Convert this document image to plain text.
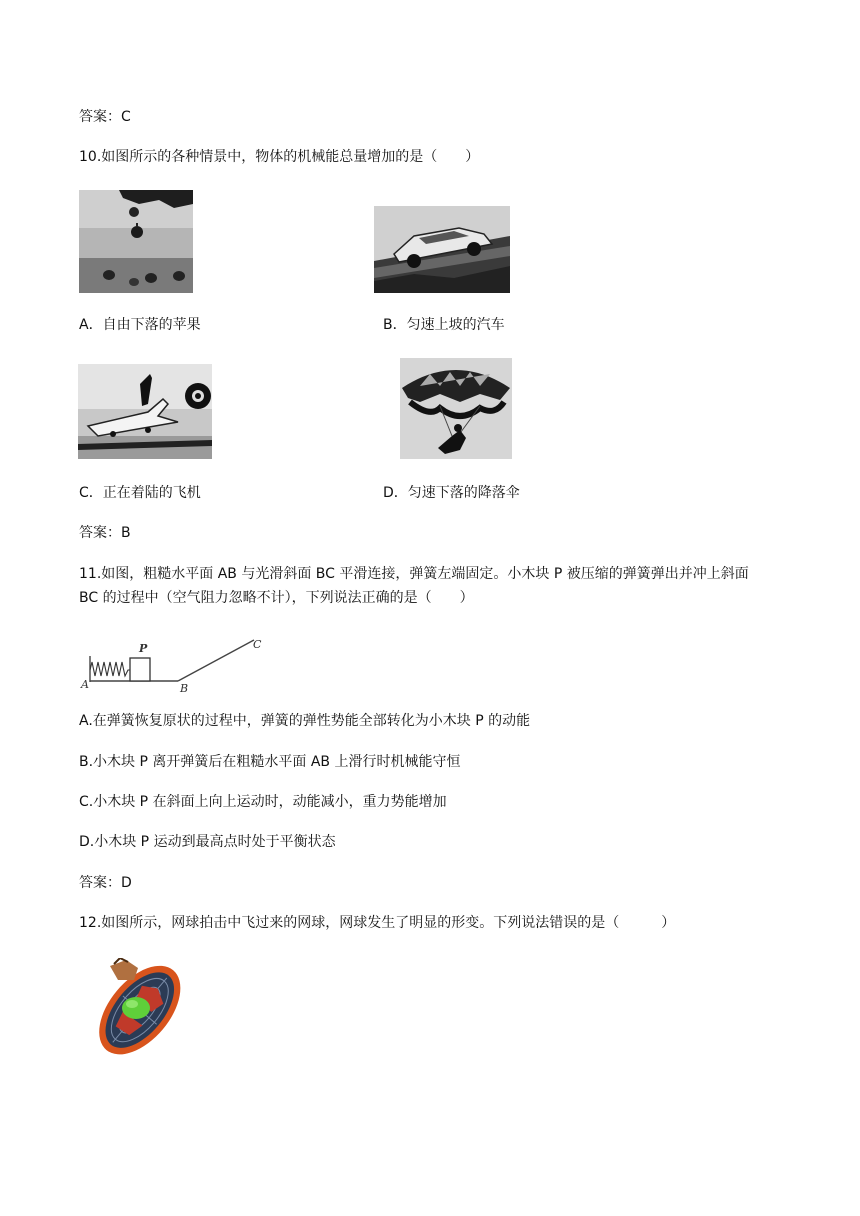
答案：C
10.如图所示的各种情景中，物体的机械能总量增加的是（　　）
A．自由下落的苹果	B．匀速上坡的汽车
C．正在着陆的飞机	D．匀速下落的降落伞
答案：B
11.如图，粗糙水平面 AB 与光滑斜面 BC 平滑连接，弹簧左端固定。小木块 P 被压缩的弹簧弹出并冲上斜面
BC 的过程中（空气阻力忽略不计），下列说法正确的是（　　）
A	B
C
P
A.在弹簧恢复原状的过程中，弹簧的弹性势能全部转化为小木块 P 的动能
B.小木块 P 离开弹簧后在粗糙水平面 AB 上滑行时机械能守恒
C.小木块 P 在斜面上向上运动时，动能减小，重力势能增加
D.小木块 P 运动到最高点时处于平衡状态
答案：D
12.如图所示，网球拍击中飞过来的网球，网球发生了明显的形变。下列说法错误的是（　　　）
